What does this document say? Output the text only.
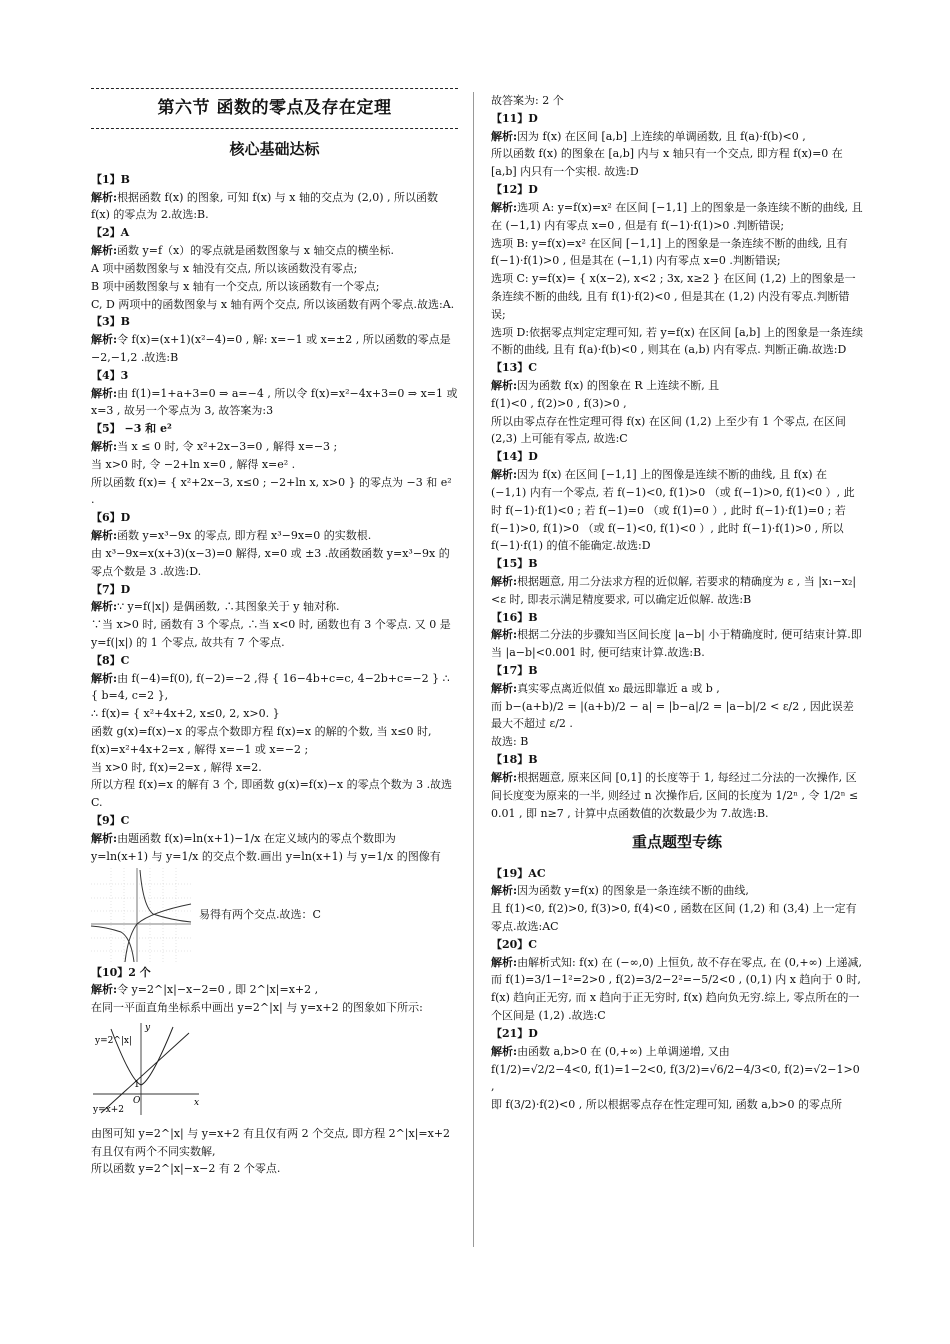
第六节 函数的零点及存在定理
核心基础达标
【1】B
解析:根据函数 f(x) 的图象, 可知 f(x) 与 x 轴的交点为 (2,0) , 所以函数 f(x) 的零点为 2.故选:B.
【2】A
解析:函数 y=f（x）的零点就是函数图象与 x 轴交点的横坐标.
A 项中函数图象与 x 轴没有交点, 所以该函数没有零点;
B 项中函数图象与 x 轴有一个交点, 所以该函数有一个零点;
C, D 两项中的函数图象与 x 轴有两个交点, 所以该函数有两个零点.故选:A.
【3】B
解析:令 f(x)=(x+1)(x²−4)=0 , 解: x=−1 或 x=±2 , 所以函数的零点是 −2,−1,2 .故选:B
【4】3
解析:由 f(1)=1+a+3=0 ⇒ a=−4 , 所以令 f(x)=x²−4x+3=0 ⇒ x=1 或 x=3 , 故另一个零点为 3, 故答案为:3
【5】 −3 和 e²
解析:当 x ≤ 0 时, 令 x²+2x−3=0 , 解得 x=−3 ;
当 x>0 时, 令 −2+ln x=0 , 解得 x=e² .
所以函数 f(x)= { x²+2x−3, x≤0 ; −2+ln x, x>0 } 的零点为 −3 和 e² .
【6】D
解析:函数 y=x³−9x 的零点, 即方程 x³−9x=0 的实数根.
由 x³−9x=x(x+3)(x−3)=0 解得, x=0 或 ±3 .故函数函数 y=x³−9x 的零点个数是 3 .故选:D.
【7】D
解析:∵ y=f(|x|) 是偶函数, ∴其图象关于 y 轴对称.
∵当 x>0 时, 函数有 3 个零点, ∴当 x<0 时, 函数也有 3 个零点. 又 0 是 y=f(|x|) 的 1 个零点, 故共有 7 个零点.
【8】C
解析:由 f(−4)=f(0), f(−2)=−2 ,得 { 16−4b+c=c, 4−2b+c=−2 } ∴ { b=4, c=2 },
∴ f(x)= { x²+4x+2, x≤0, 2, x>0. }
函数 g(x)=f(x)−x 的零点个数即方程 f(x)=x 的解的个数, 当 x≤0 时, f(x)=x²+4x+2=x , 解得 x=−1 或 x=−2 ;
当 x>0 时, f(x)=2=x , 解得 x=2.
所以方程 f(x)=x 的解有 3 个, 即函数 g(x)=f(x)−x 的零点个数为 3 .故选 C.
【9】C
解析:由题函数 f(x)=ln(x+1)−1/x 在定义域内的零点个数即为
y=ln(x+1) 与 y=1/x 的交点个数.画出 y=ln(x+1) 与 y=1/x 的图像有
易得有两个交点.故选：C
【10】2 个
解析:令 y=2^|x|−x−2=0 , 即 2^|x|=x+2 ,
在同一平面直角坐标系中画出 y=2^|x| 与 y=x+2 的图象如下所示:
y=2^|x|
y=x+2
O	x
y
1
由图可知 y=2^|x| 与 y=x+2 有且仅有两 2 个交点, 即方程 2^|x|=x+2 有且仅有两个不同实数解,
所以函数 y=2^|x|−x−2 有 2 个零点.
故答案为: 2 个
【11】D
解析:因为 f(x) 在区间 [a,b] 上连续的单调函数, 且 f(a)·f(b)<0 ,
所以函数 f(x) 的图象在 [a,b] 内与 x 轴只有一个交点, 即方程 f(x)=0 在 [a,b] 内只有一个实根. 故选:D
【12】D
解析:选项 A: y=f(x)=x² 在区间 [−1,1] 上的图象是一条连续不断的曲线, 且在 (−1,1) 内有零点 x=0 , 但是有 f(−1)·f(1)>0 .判断错误;
选项 B: y=f(x)=x² 在区间 [−1,1] 上的图象是一条连续不断的曲线, 且有 f(−1)·f(1)>0 , 但是其在 (−1,1) 内有零点 x=0 .判断错误;
选项 C: y=f(x)= { x(x−2), x<2 ; 3x, x≥2 } 在区间 (1,2) 上的图象是一条连续不断的曲线, 且有 f(1)·f(2)<0 , 但是其在 (1,2) 内没有零点.判断错误;
选项 D:依据零点判定定理可知, 若 y=f(x) 在区间 [a,b] 上的图象是一条连续不断的曲线, 且有 f(a)·f(b)<0 , 则其在 (a,b) 内有零点. 判断正确.故选:D
【13】C
解析:因为函数 f(x) 的图象在 R 上连续不断, 且
f(1)<0 , f(2)>0 , f(3)>0 ,
所以由零点存在性定理可得 f(x) 在区间 (1,2) 上至少有 1 个零点, 在区间 (2,3) 上可能有零点, 故选:C
【14】D
解析:因为 f(x) 在区间 [−1,1] 上的图像是连续不断的曲线, 且 f(x) 在 (−1,1) 内有一个零点, 若 f(−1)<0, f(1)>0 （或 f(−1)>0, f(1)<0 ）, 此时 f(−1)·f(1)<0 ; 若 f(−1)=0 （或 f(1)=0 ）, 此时 f(−1)·f(1)=0 ; 若 f(−1)>0, f(1)>0 （或 f(−1)<0, f(1)<0 ）, 此时 f(−1)·f(1)>0 , 所以 f(−1)·f(1) 的值不能确定.故选:D
【15】B
解析:根据题意, 用二分法求方程的近似解, 若要求的精确度为 ε , 当 |x₁−x₂|<ε 时, 即表示满足精度要求, 可以确定近似解. 故选:B
【16】B
解析:根据二分法的步骤知当区间长度 |a−b| 小于精确度时, 便可结束计算.即当 |a−b|<0.001 时, 便可结束计算.故选:B.
【17】B
解析:真实零点离近似值 x₀ 最远即靠近 a 或 b ,
而 b−(a+b)/2 = |(a+b)/2 − a| = |b−a|/2 = |a−b|/2 < ε/2 , 因此误差最大不超过 ε/2 .
故选: B
【18】B
解析:根据题意, 原来区间 [0,1] 的长度等于 1, 每经过二分法的一次操作, 区间长度变为原来的一半, 则经过 n 次操作后, 区间的长度为 1/2ⁿ , 令 1/2ⁿ ≤ 0.01 , 即 n≥7 , 计算中点函数值的次数最少为 7.故选:B.
重点题型专练
【19】AC
解析:因为函数 y=f(x) 的图象是一条连续不断的曲线,
且 f(1)<0, f(2)>0, f(3)>0, f(4)<0 , 函数在区间 (1,2) 和 (3,4) 上一定有零点.故选:AC
【20】C
解析:由解析式知: f(x) 在 (−∞,0) 上恒负, 故不存在零点, 在 (0,+∞) 上递减, 而 f(1)=3/1−1²=2>0 , f(2)=3/2−2²=−5/2<0 , (0,1) 内 x 趋向于 0 时, f(x) 趋向正无穷, 而 x 趋向于正无穷时, f(x) 趋向负无穷.综上, 零点所在的一个区间是 (1,2) .故选:C
【21】D
解析:由函数 a,b>0 在 (0,+∞) 上单调递增, 又由
f(1/2)=√2/2−4<0, f(1)=1−2<0, f(3/2)=√6/2−4/3<0, f(2)=√2−1>0 ,
即 f(3/2)·f(2)<0 , 所以根据零点存在性定理可知, 函数 a,b>0 的零点所
